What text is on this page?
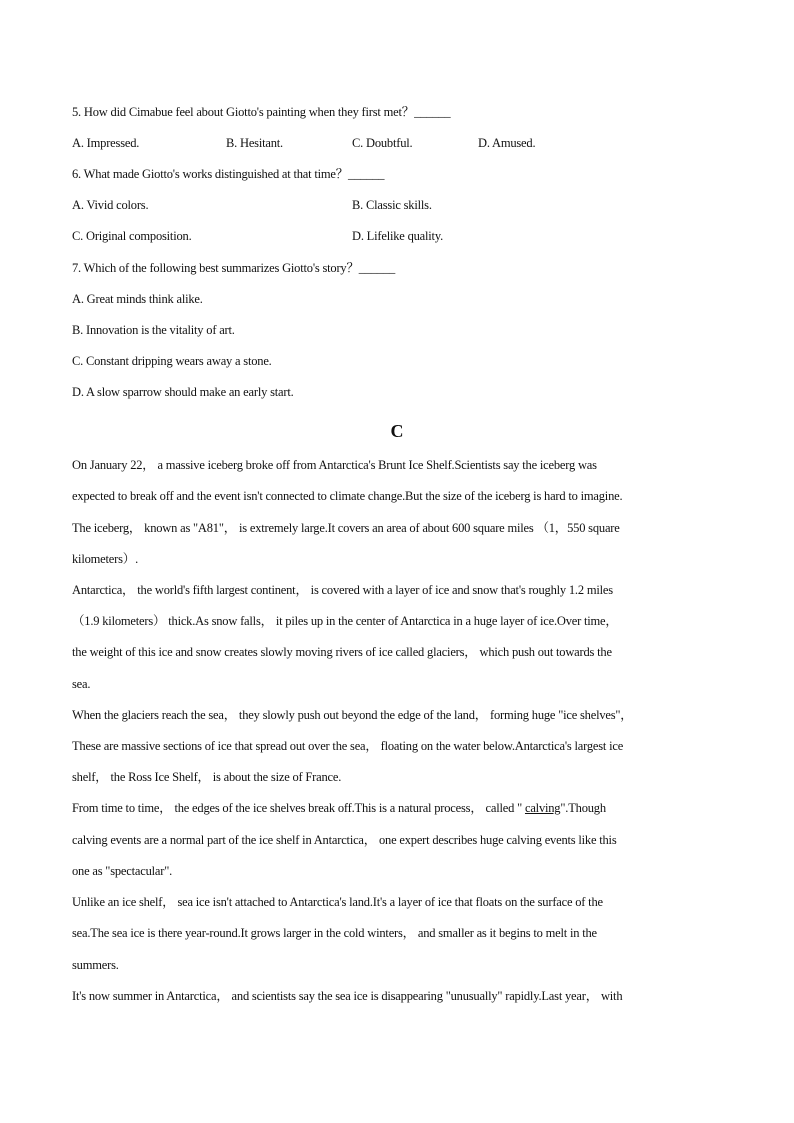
5. How did Cimabue feel about Giotto's painting when they first met？______
A. Impressed.	B. Hesitant.	C. Doubtful.	D. Amused.
6. What made Giotto's works distinguished at that time？______
A. Vivid colors.	B. Classic skills.
C. Original composition.	D. Lifelike quality.
7. Which of the following best summarizes Giotto's story？______
A. Great minds think alike.
B. Innovation is the vitality of art.
C. Constant dripping wears away a stone.
D. A slow sparrow should make an early start.
C
On January 22， a massive iceberg broke off from Antarctica's Brunt Ice Shelf.Scientists say the iceberg was
expected to break off and the event isn't connected to climate change.But the size of the iceberg is hard to imagine.
The iceberg， known as "A81"， is extremely large.It covers an area of about 600 square miles （1，550 square
kilometers）.
Antarctica， the world's fifth largest continent， is covered with a layer of ice and snow that's roughly 1.2 miles
（1.9 kilometers） thick.As snow falls， it piles up in the center of Antarctica in a huge layer of ice.Over time，
the weight of this ice and snow creates slowly moving rivers of ice called glaciers， which push out towards the
sea.
When the glaciers reach the sea， they slowly push out beyond the edge of the land， forming huge "ice shelves"，
These are massive sections of ice that spread out over the sea， floating on the water below.Antarctica's largest ice
shelf， the Ross Ice Shelf， is about the size of France.
From time to time， the edges of the ice shelves break off.This is a natural process， called " calving".Though
calving events are a normal part of the ice shelf in Antarctica， one expert describes huge calving events like this
one as "spectacular".
Unlike an ice shelf， sea ice isn't attached to Antarctica's land.It's a layer of ice that floats on the surface of the
sea.The sea ice is there year-round.It grows larger in the cold winters， and smaller as it begins to melt in the
summers.
It's now summer in Antarctica， and scientists say the sea ice is disappearing "unusually" rapidly.Last year， with
